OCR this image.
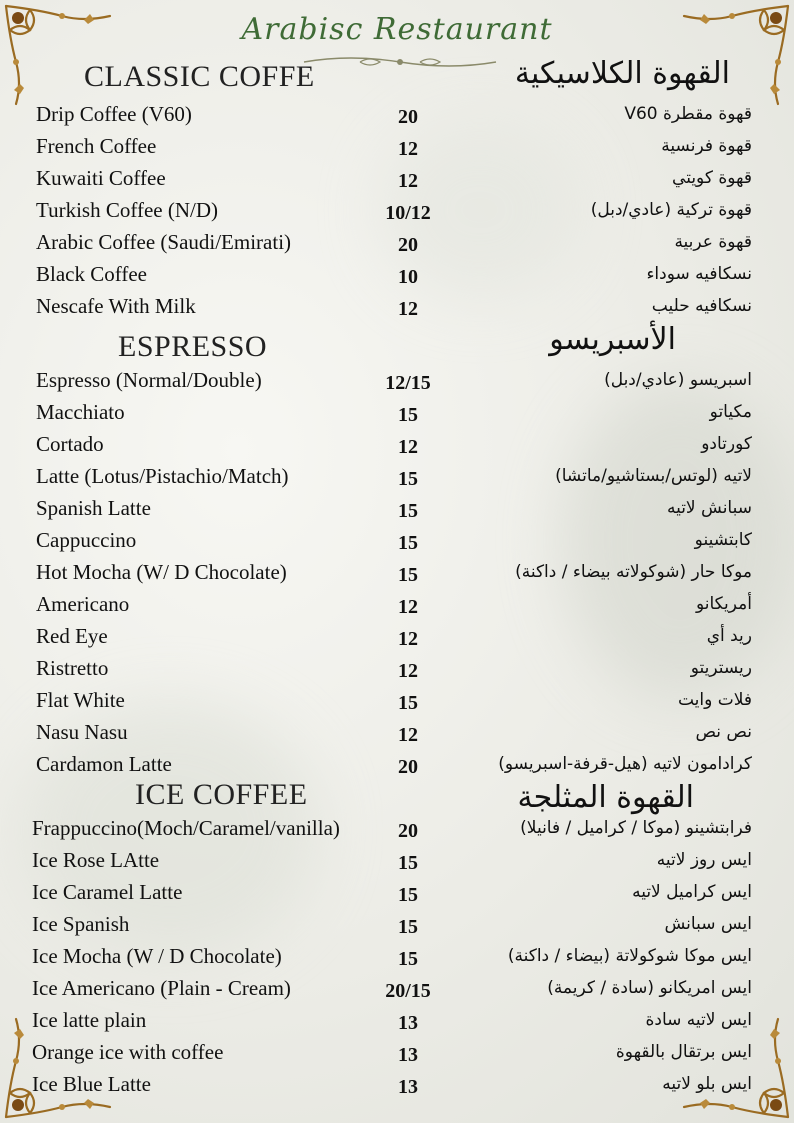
Arabisc Restaurant
CLASSIC COFFE	القهوة الكلاسيكية
Drip Coffee (V60)	20	قهوة مقطرة V60
French Coffee	12	قهوة فرنسية
Kuwaiti Coffee	12	قهوة كويتي
Turkish Coffee (N/D)	10/12	قهوة تركية (عادي/دبل)
Arabic Coffee (Saudi/Emirati)	20	قهوة عربية
Black Coffee	10	نسكافيه سوداء
Nescafe With Milk	12	نسكافيه حليب
ESPRESSO	الأسبريسو
Espresso (Normal/Double)	12/15	اسبريسو (عادي/دبل)
Macchiato	15	مكياتو
Cortado	12	كورتادو
Latte (Lotus/Pistachio/Match)	15	لاتيه (لوتس/بستاشيو/ماتشا)
Spanish Latte	15	سبانش لاتيه
Cappuccino	15	كابتشينو
Hot Mocha (W/ D Chocolate)	15	موكا حار (شوكولاته بيضاء / داكنة)
Americano	12	أمريكانو
Red Eye	12	ريد أي
Ristretto	12	ريستريتو
Flat White	15	فلات وايت
Nasu Nasu	12	نص نص
Cardamon Latte	20	كرادامون لاتيه (هيل-قرفة-اسبريسو)
ICE COFFEE	القهوة المثلجة
Frappuccino(Moch/Caramel/vanilla)	20	فرابتشينو (موكا / كراميل / فانيلا)
Ice Rose LAtte	15	ايس روز لاتيه
Ice Caramel Latte	15	ايس كراميل لاتيه
Ice Spanish	15	ايس سبانش
Ice Mocha (W / D Chocolate)	15	ايس موكا شوكولاتة (بيضاء / داكنة)
Ice Americano (Plain - Cream)	20/15	ايس امريكانو (سادة / كريمة)
Ice latte plain	13	ايس لاتيه سادة
Orange ice with coffee	13	ايس برتقال بالقهوة
Ice Blue Latte	13	ايس بلو لاتيه
